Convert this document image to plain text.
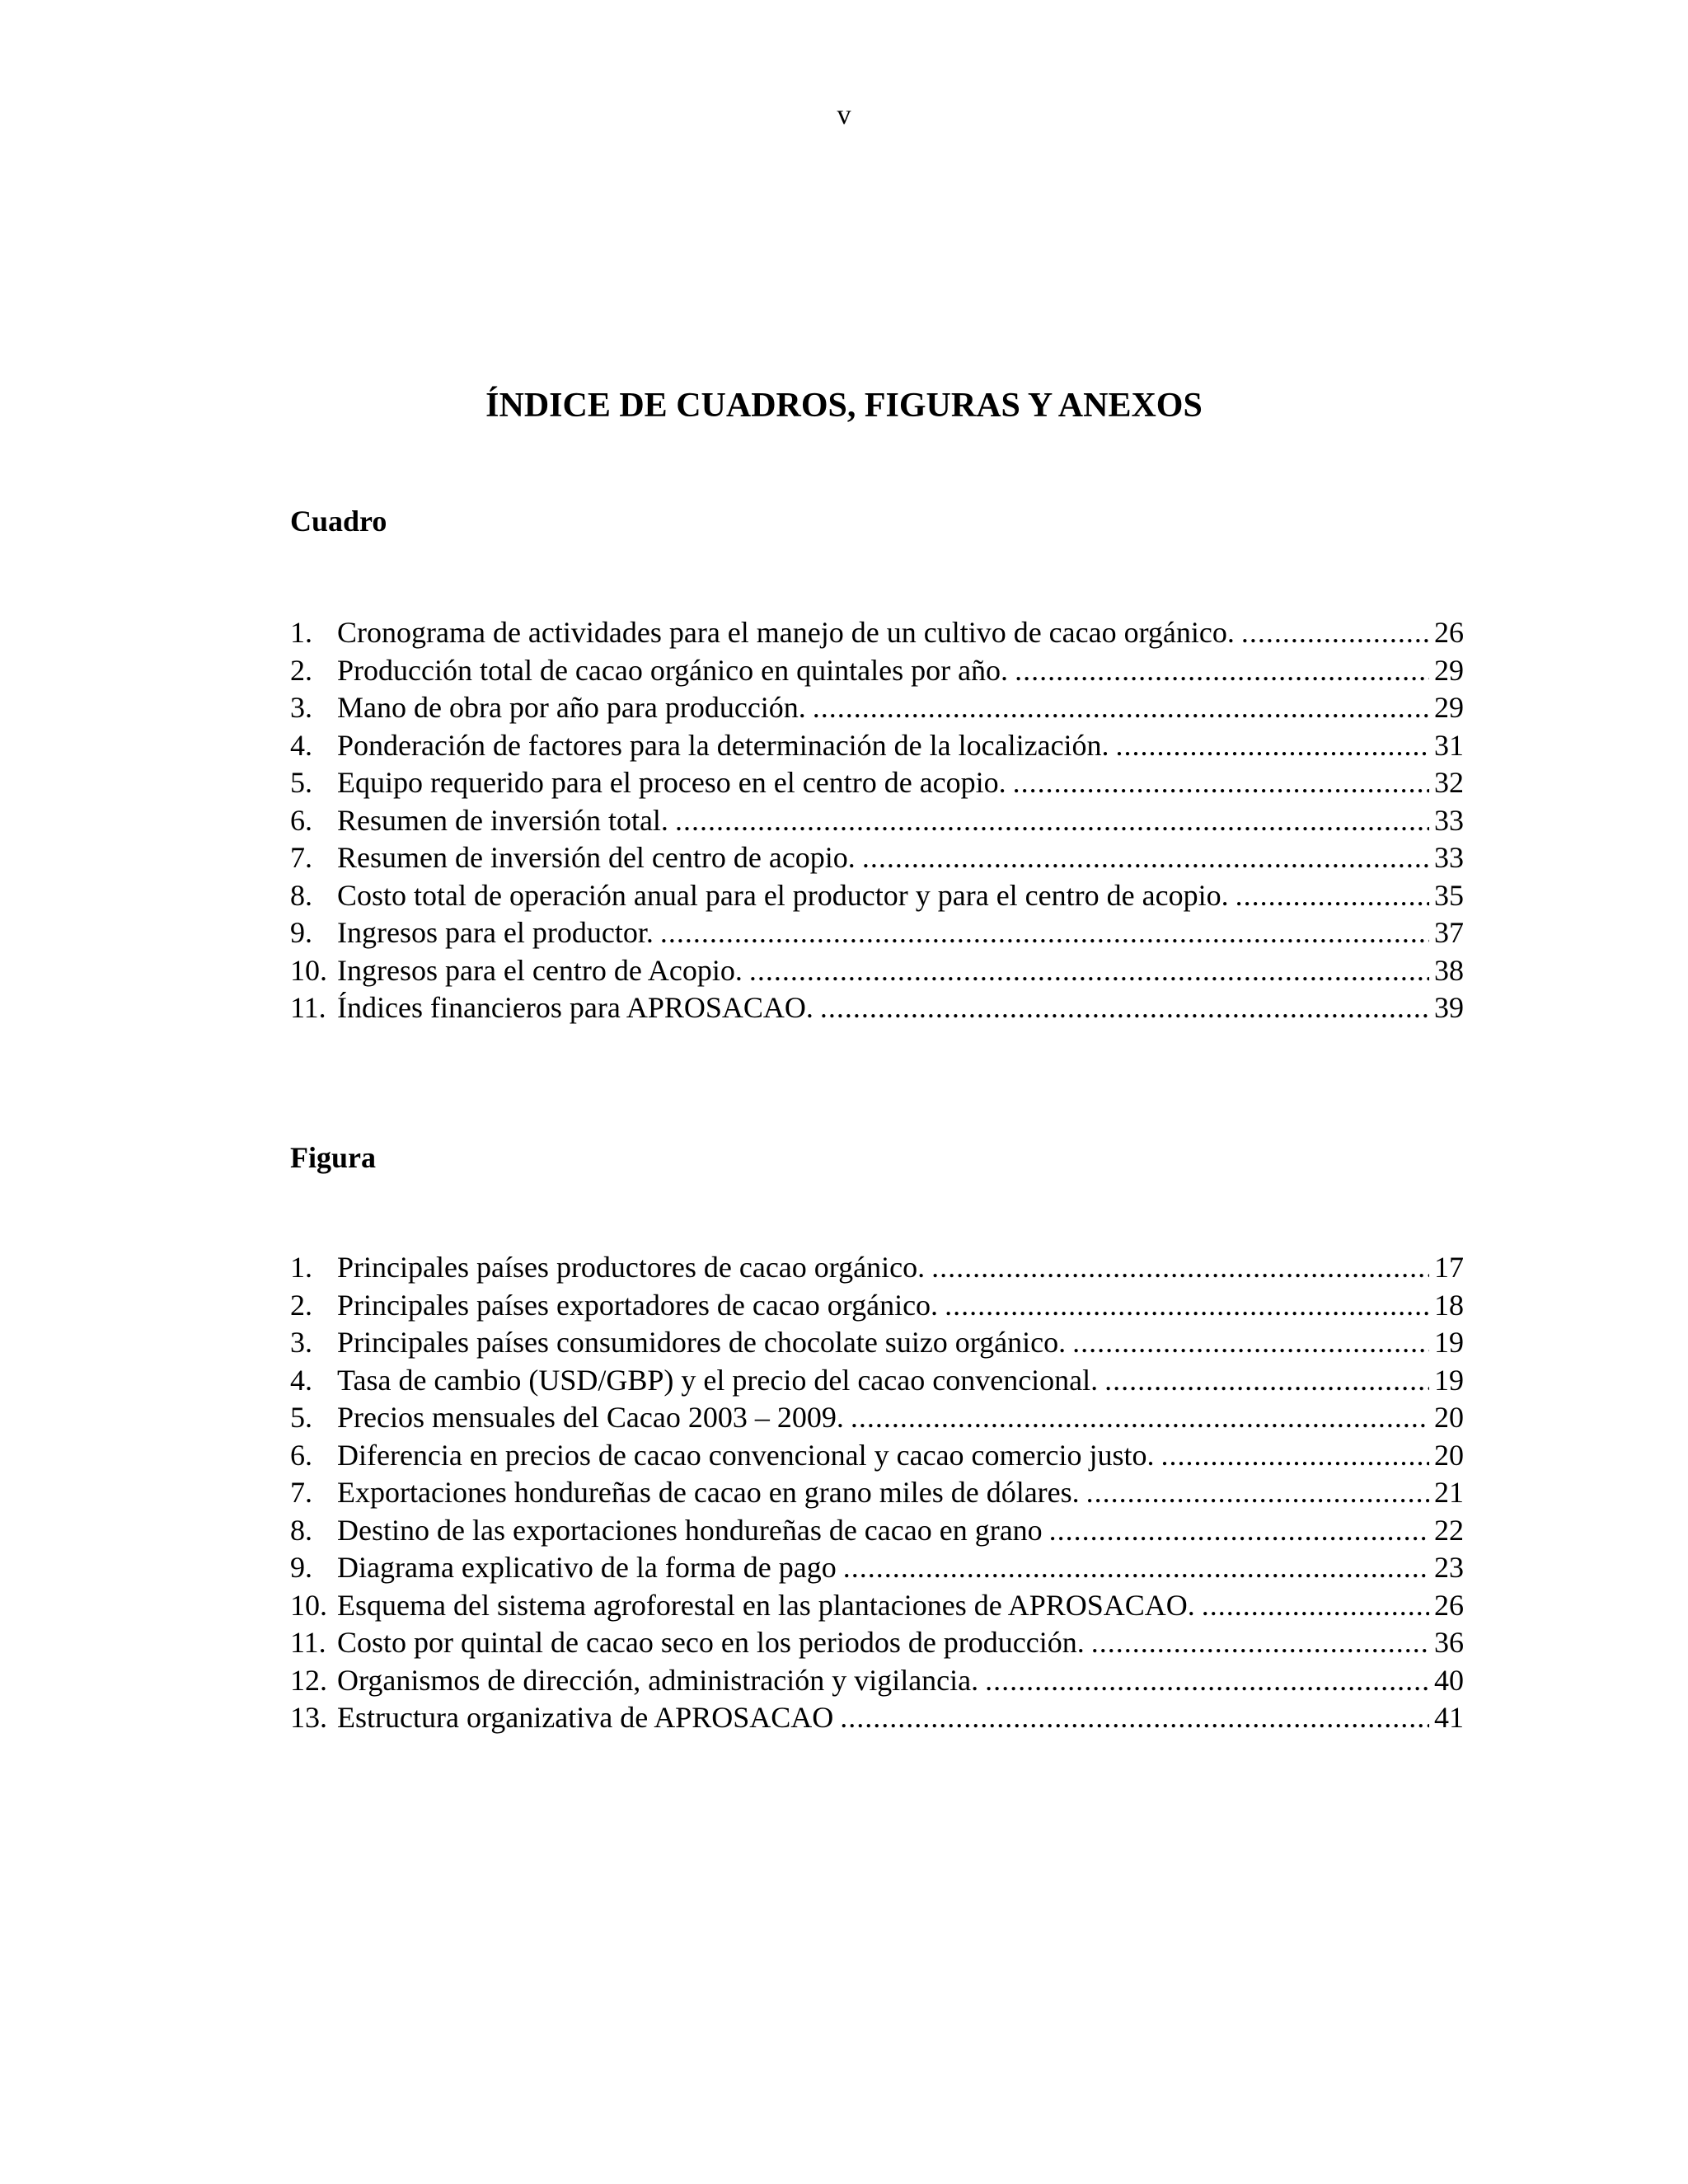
v
ÍNDICE DE CUADROS, FIGURAS Y ANEXOS
Cuadro
1. Cronograma de actividades para el manejo de un cultivo de cacao orgánico. .....	26
2. Producción total de cacao orgánico en quintales por año. .....	29
3. Mano de obra por año para producción. .....	29
4. Ponderación de factores para la determinación de la localización. .....	31
5. Equipo requerido para el proceso en el centro de acopio. .....	32
6. Resumen de inversión total. .....	33
7. Resumen de inversión del centro de acopio. .....	33
8. Costo total de operación anual para el productor y para el centro de acopio. .....	35
9. Ingresos para el productor. .....	37
10. Ingresos para el centro de Acopio. .....	38
11. Índices financieros para APROSACAO. .....	39
Figura
1. Principales países productores de cacao orgánico. .....	17
2. Principales países exportadores de cacao orgánico. .....	18
3. Principales países consumidores de chocolate suizo orgánico. .....	19
4. Tasa de cambio (USD/GBP) y el precio del cacao convencional. .....	19
5. Precios mensuales del Cacao 2003 – 2009. .....	20
6. Diferencia en precios de cacao convencional y cacao comercio justo. .....	20
7. Exportaciones hondureñas de cacao en grano miles de dólares. .....	21
8. Destino de las exportaciones hondureñas de cacao en grano .....	22
9. Diagrama explicativo de la forma de pago .....	23
10. Esquema del sistema agroforestal en las plantaciones de APROSACAO. .....	26
11. Costo por quintal de cacao seco en los periodos de producción. .....	36
12. Organismos de dirección, administración y vigilancia. .....	40
13. Estructura organizativa de APROSACAO .....	41
